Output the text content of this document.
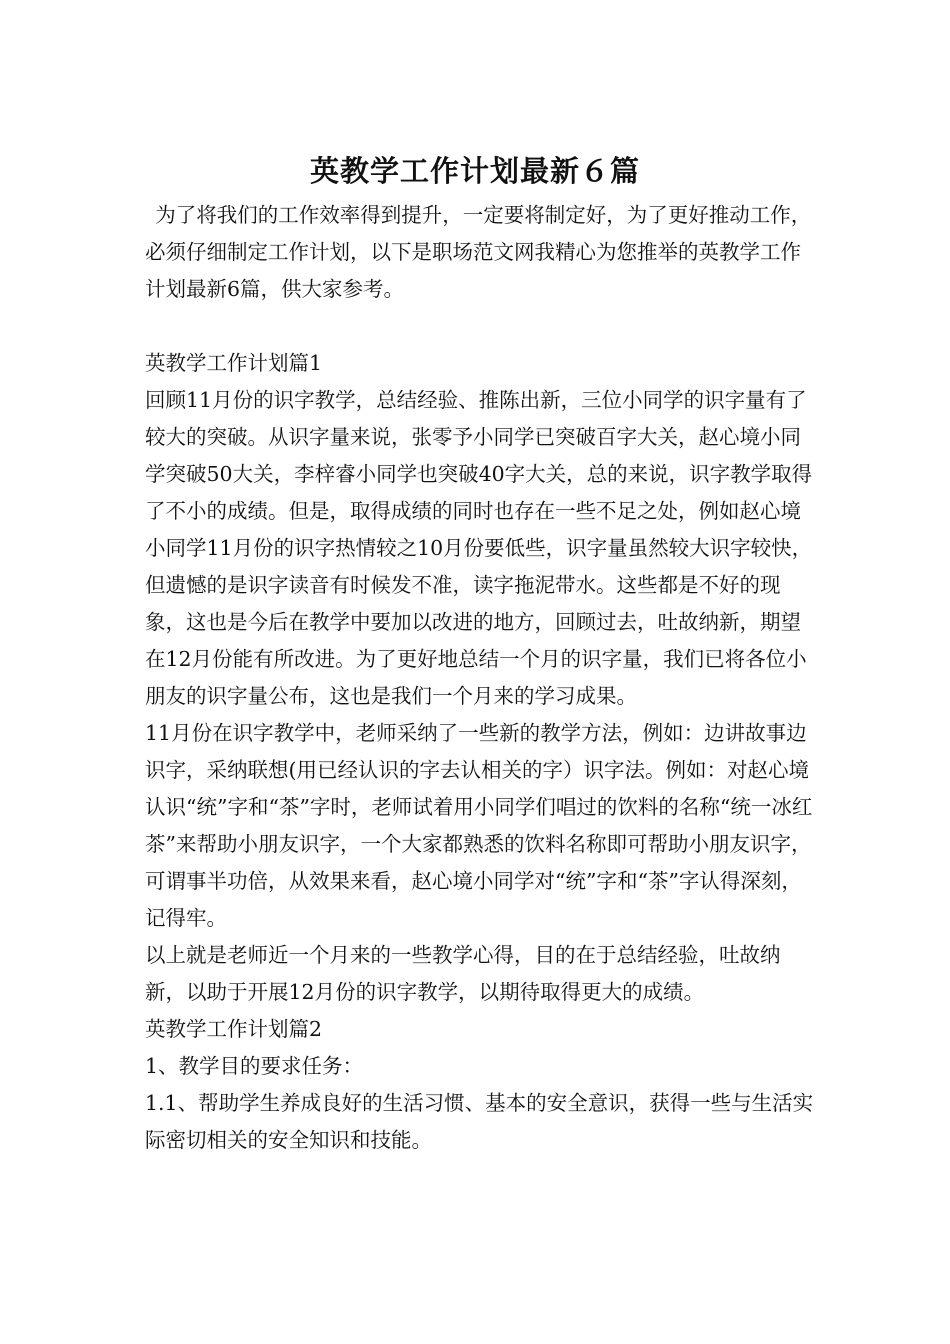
英教学工作计划最新６篇

为了将我们的工作效率得到提升，一定要将制定好，为了更好推动工作，必须仔细制定工作计划，以下是职场范文网我精心为您推举的英教学工作计划最新6篇，供大家参考。

英教学工作计划篇1

回顾11月份的识字教学，总结经验、推陈出新，三位小同学的识字量有了较大的突破。从识字量来说，张零予小同学已突破百字大关，赵心境小同学突破50大关，李梓睿小同学也突破40字大关，总的来说，识字教学取得了不小的成绩。但是，取得成绩的同时也存在一些不足之处，例如赵心境小同学11月份的识字热情较之10月份要低些，识字量虽然较大识字较快，但遗憾的是识字读音有时候发不准，读字拖泥带水。这些都是不好的现象，这也是今后在教学中要加以改进的地方，回顾过去，吐故纳新，期望在12月份能有所改进。为了更好地总结一个月的识字量，我们已将各位小朋友的识字量公布，这也是我们一个月来的学习成果。

11月份在识字教学中，老师采纳了一些新的教学方法，例如：边讲故事边识字，采纳联想(用已经认识的字去认相关的字）识字法。例如：对赵心境认识“统”字和“茶”字时，老师试着用小同学们唱过的饮料的名称“统一冰红茶”来帮助小朋友识字，一个大家都熟悉的饮料名称即可帮助小朋友识字，可谓事半功倍，从效果来看，赵心境小同学对“统”字和“茶”字认得深刻，记得牢。

以上就是老师近一个月来的一些教学心得，目的在于总结经验，吐故纳新，以助于开展12月份的识字教学，以期待取得更大的成绩。

英教学工作计划篇2

1、教学目的要求任务：

1.1、帮助学生养成良好的生活习惯、基本的安全意识，获得一些与生活实际密切相关的安全知识和技能。
